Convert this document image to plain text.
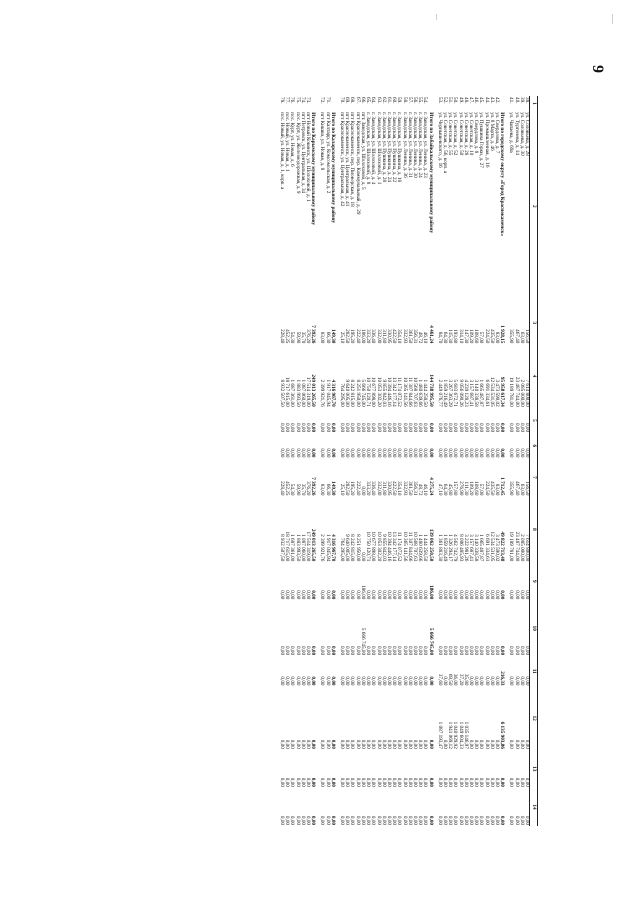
9
1	2	3	4	5	6	7	8	9	10	11	12	13	14
38.	ул. Соловьева, д. 28	156,50	7 614 800,00	0,00	0,00	156,50	7 614 800,00	0,00	0,00	0,00	0,00	0,00	0,00
39.	ул. Соловьева, д. 30	63,00	2 085 000,00	0,00	0,00	63,00	2 085 000,00	0,00	0,00	0,00	0,00	0,00	0,00
40.	ул. Тургенева, д. 14	467,40	23 487 744,00	0,00	0,00	467,40	23 487 744,00	0,00	0,00	0,00	0,00	0,00	0,00
41.	ул. Чапаева, д. 69а	355,90	19 189 781,00	0,00	0,00	355,90	19 189 781,00	0,00	0,00	0,00	0,00	0,00	0,00

	Итого по городскому округу «Город Краснокаменск»	1 928,15	95 958 617,34	0,00	0,00	1 712,45	49 822 713,48	0,00	0,00	216,33	6 135 903,86	0,00	0,00
42.	ул. Свердлова, д. 7	83,00	3 473 590,02	0,00	0,00	83,00	3 473 590,02	0,00	0,00	0,00	0,00	0,00	0,00
43.	ул. 8 Марта, д. 46	435,50	12 534 531,05	0,00	0,00	435,50	12 534 531,05	0,00	0,00	0,00	0,00	0,00	0,00
44.	ул. Промышленная, д. 16	224,50	6 691 334,61	0,00	0,00	224,50	6 691 334,61	0,00	0,00	0,00	0,00	0,00	0,00
45.	ул. Пушкина Горки, д. 27	57,00	1 665 487,87	0,00	0,00	57,00	1 665 487,87	0,00	0,00	0,00	0,00	0,00	0,00
46.	ул. Свердлова, д. 8	108,60	3 140 338,58	0,00	0,00	108,60	3 140 338,58	0,00	0,00	0,00	0,00	0,00	0,00
47.	ул. Советская, д. 10	109,20	3 157 687,41	0,00	0,00	109,20	3 157 687,41	0,00	0,00	0,00	0,00	0,00	0,00
48.	ул. Советская, д. 28	147,30	4 239 128,23	0,00	0,00	111,30	3 222 981,26	0,00	0,00	35,80	1 035 146,97	0,00	0,00
49.	ул. Советская, д. 50	314,10	9 056 090,26	0,00	0,00	276,90	8 006 485,93	0,00	0,00	37,20	1 049 604,33	0,00	0,00
50.	ул. Советская, д. 52	193,80	5 603 672,71	0,00	0,00	157,80	4 562 742,79	0,00	0,00	36,00	1 040 929,92	0,00	0,00
51.	ул. Советская, д. 55	115,30	3 267 363,29	0,00	0,00	45,80	1 326 294,17	0,00	0,00	69,50	1 941 069,12	0,00	0,00
52.	ул. Советская, д. 56, корп. а	64,30	1 859 216,49	0,00	0,00	64,30	1 859 216,49	0,00	0,00	0,00	0,00	0,00	0,00
53.	ул. Чернышевского, д. 16	84,70	2 449 076,77	0,00	0,00	47,10	1 361 883,30	0,00	0,00	37,60	1 087 193,47	0,00	0,00

	Итого по Забайкальскому муниципальному району	4 461,24	144 738 995,50	0,00	0,00	4 275,24	139 062 250,50	186,00	5 666 745,00	0,00	0,00	0,00	0,00
54.	г. Заводская, ул. Ленина, д. 23	46,10	1 444 258,50	0,00	0,00	46,10	1 444 258,50	0,00	0,00	0,00	0,00	0,00	0,00
55.	г. Заводская, ул. Ленина, д. 24	48,72	1 480 639,66	0,00	0,00	48,72	1 480 639,66	0,00	0,00	0,00	0,00	0,00	0,00
56.	г. Заводская, ул. Ленина, д. 30	356,31	10 568 707,63	0,00	0,00	356,31	10 568 707,63	0,00	0,00	0,00	0,00	0,00	0,00
57.	г. Заводская, ул. Ленина, д. 31	361,50	11 307 844,66	0,00	0,00	361,50	11 307 844,66	0,00	0,00	0,00	0,00	0,00	0,00
58.	г. Заводская, ул. Ленина, д. 36	332,93	10 365 141,56	0,00	0,00	332,93	10 365 141,56	0,00	0,00	0,00	0,00	0,00	0,00
59.	г. Заводская, ул. Пушкина, д. 18	354,10	11 174 072,52	0,00	0,00	354,10	11 174 072,52	0,00	0,00	0,00	0,00	0,00	0,00
60.	г. Заводская, ул. Пушкина, д. 22	422,50	13 342 177,14	0,00	0,00	422,50	13 342 177,14	0,00	0,00	0,00	0,00	0,00	0,00
61.	г. Заводская, ул. Пушкина, д. 24	330,95	10 394 446,16	0,00	0,00	330,95	10 394 446,16	0,00	0,00	0,00	0,00	0,00	0,00
62.	г. Заводская, ул. Пушкина, д. 28	311,80	9 855 842,03	0,00	0,00	311,80	9 855 842,03	0,00	0,00	0,00	0,00	0,00	0,00
63.	г. Заводская, ул. Шолоховой, д. 1	332,00	10 053 302,20	0,00	0,00	332,00	10 053 302,20	0,00	0,00	0,00	0,00	0,00	0,00
64.	г. Заводская, ул. Шолоховой, д. 4	336,40	10 677 898,00	0,00	0,00	336,40	10 677 898,00	0,00	0,00	0,00	0,00	0,00	0,00
65.	г. Заводская, ул. Шолоховой, д. 8	333,20	10 750 120,71	0,00	0,00	333,20	10 750 120,71	0,00	0,00	0,00	0,00	0,00	0,00
66.	пгт. Заводская, ул. Шолоховой, д. 5	186,00	5 666 745,00	0,00	0,00	0,00	0,00	186,00	5 666 745,00	0,00	0,00	0,00	0,00
67.	пгт Краснокаменск, пер. Коммунальный, д. 29	222,40	8 251 950,00	0,00	0,00	222,40	8 251 950,00	0,00	0,00	0,00	0,00	0,00	0,00
68.	пгт Краснокаменск, пер. Пионерская, д. 18	195,20	8 242 815,00	0,00	0,00	195,20	8 242 815,00	0,00	0,00	0,00	0,00	0,00	0,00
69.	пгт Краснокаменск, ул. Центральная, д. 41	282,50	9 640 005,00	0,00	0,00	282,50	9 640 005,00	0,00	0,00	0,00	0,00	0,00	0,00
70.	пгт Краснокаменск, ул. Центральная, д. 42	25,10	764 295,00	0,00	0,00	25,10	764 295,00	0,00	0,00	0,00	0,00	0,00	0,00

	Итого по Каларскому муниципальному району	149,30	4 316 967,70	0,00	0,00	149,30	4 316 967,70	0,00	0,00	0,00	0,00	0,00	0,00
71.	пгт Калтарр, ул. Комсомольская, д. 2	66,30	1 917 045,94	0,00	0,00	66,30	1 917 045,94	0,00	0,00	0,00	0,00	0,00	0,00
72.	пгт Кишки, ул. Новая, д. 8	83,00	2 399 921,76	0,00	0,00	83,00	2 399 921,76	0,00	0,00	0,00	0,00	0,00	0,00

	Итого по Карымскому муниципальному району	7 392,26	249 013 265,50	0,00	0,00	7 392,26	249 013 265,50	0,00	0,00	0,00	0,00	0,00	0,00
73.	пгт Новый Кокинск, ул. Шолоховой, д. 1	376,20	17 514 319,00	0,00	0,00	376,20	17 514 319,00	0,00	0,00	0,00	0,00	0,00	0,00
74.	пгт Петровск, ул. Центральная, д. 34	35,70	1 087 060,00	0,00	0,00	35,70	1 087 060,00	0,00	0,00	0,00	0,00	0,00	0,00
75.	пос. Курт, ул. Железнодорожная, д. 9	59,90	1 883 993,50	0,00	0,00	59,90	1 883 993,50	0,00	0,00	0,00	0,00	0,00	0,00
76.	пос. Курт, ул. Новая, д. 6	54,30	1 687 361,00	0,00	0,00	54,30	1 687 361,00	0,00	0,00	0,00	0,00	0,00	0,00
77.	пос. Новый, ул. Новая, д. 1	452,25	18 717 615,00	0,00	0,00	452,25	18 717 615,00	0,00	0,00	0,00	0,00	0,00	0,00
78.	пос. Новый, ул. Новая, д. 1, корп. а	228,40	8 932 507,50	0,00	0,00	228,40	8 932 507,50	0,00	0,00	0,00	0,00	0,00	0,00
